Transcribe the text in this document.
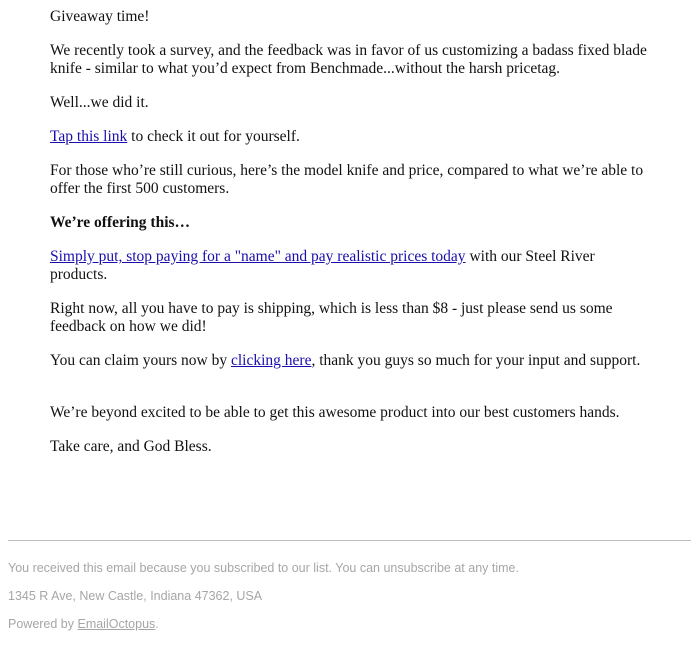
Giveaway time!

We recently took a survey, and the feedback was in favor of us customizing a badass fixed blade knife - similar to what you’d expect from Benchmade...without the harsh pricetag.

Well...we did it.

Tap this link to check it out for yourself.

For those who’re still curious, here’s the model knife and price, compared to what we’re able to offer the first 500 customers.

We’re offering this…

Simply put, stop paying for a "name" and pay realistic prices today with our Steel River products.

Right now, all you have to pay is shipping, which is less than $8 - just please send us some feedback on how we did!

You can claim yours now by clicking here, thank you guys so much for your input and support.

We’re beyond excited to be able to get this awesome product into our best customers hands.

Take care, and God Bless.

You received this email because you subscribed to our list. You can unsubscribe at any time.
1345 R Ave, New Castle, Indiana 47362, USA
Powered by EmailOctopus.
